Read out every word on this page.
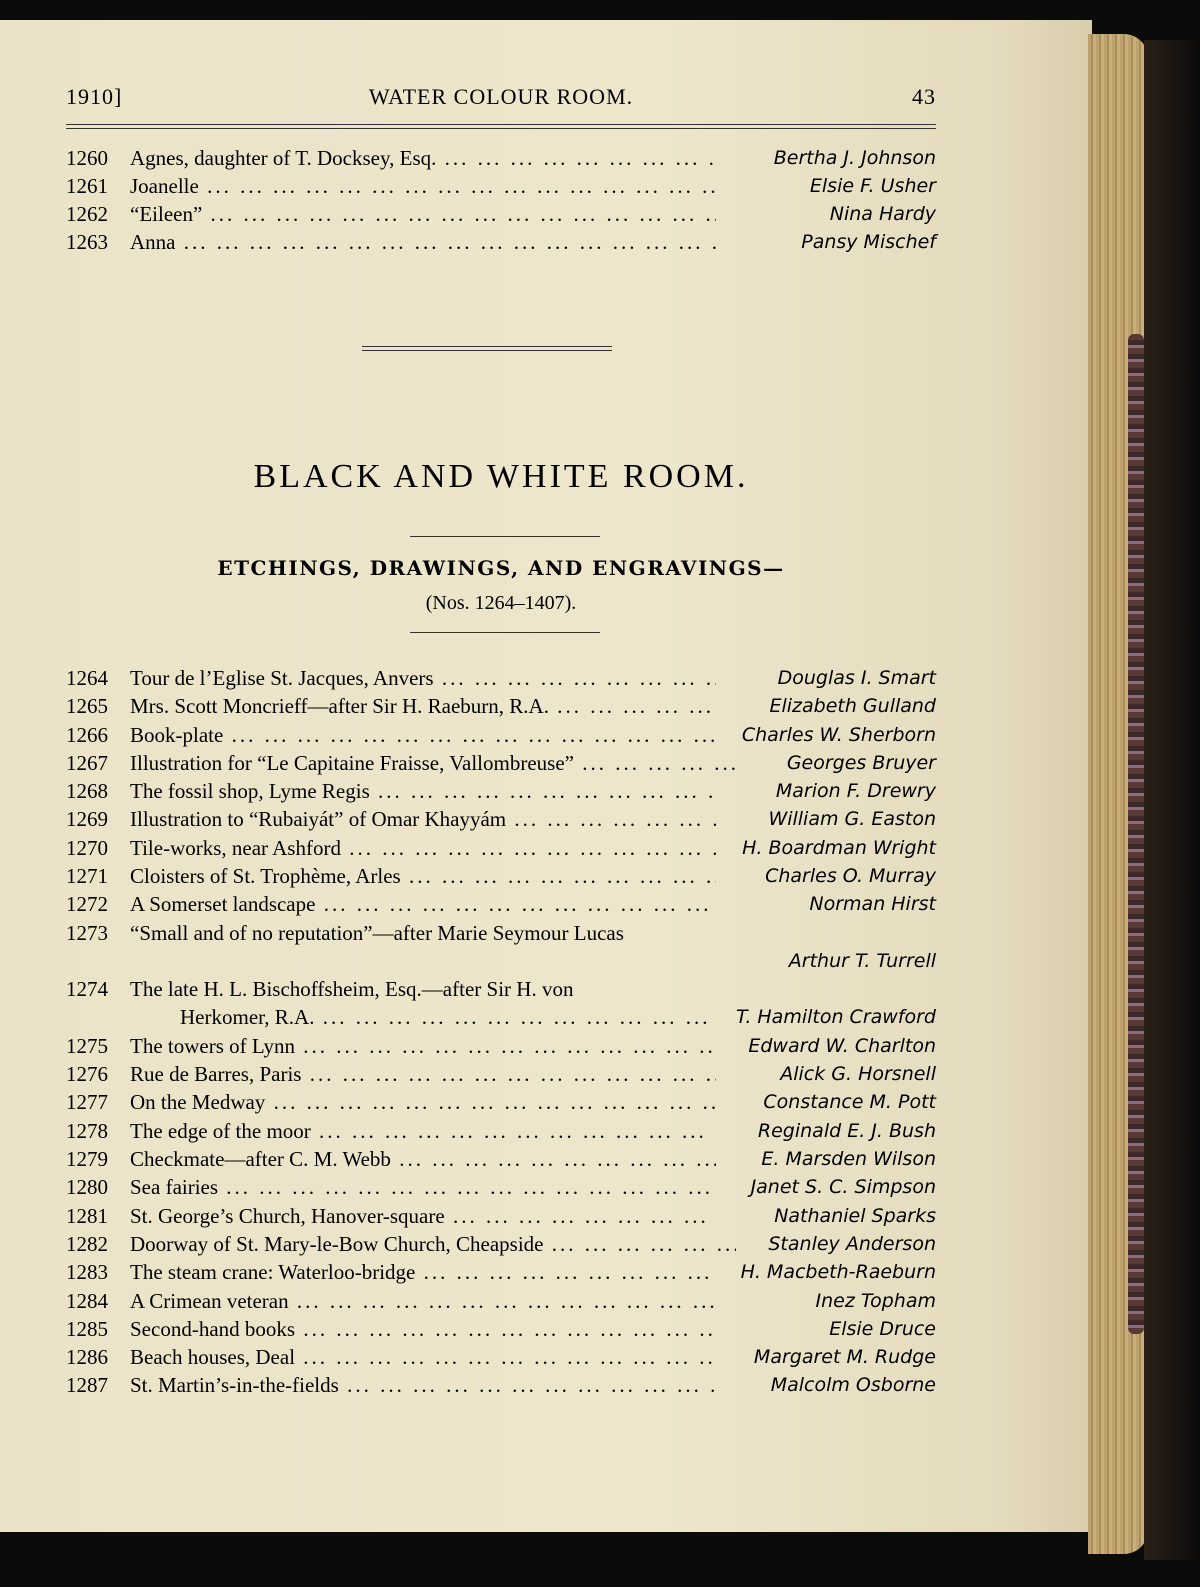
1910]	WATER COLOUR ROOM.	43
1260	Agnes, daughter of T. Docksey, Esq. ... .	Bertha J. Johnson
1261	Joanelle ... .	Elsie F. Usher
1262	“Eileen” ... .	Nina Hardy
1263	Anna ... .	Pansy Mischef
BLACK AND WHITE ROOM.
ETCHINGS, DRAWINGS, AND ENGRAVINGS—
(Nos. 1264–1407).
1264	Tour de l’Eglise St. Jacques, Anvers ... .	Douglas I. Smart
1265	Mrs. Scott Moncrieff—after Sir H. Raeburn, R.A. ... .	Elizabeth Gulland
1266	Book-plate ... .	Charles W. Sherborn
1267	Illustration for “Le Capitaine Fraisse, Vallombreuse” ... .	Georges Bruyer
1268	The fossil shop, Lyme Regis ... .	Marion F. Drewry
1269	Illustration to “Rubaiyát” of Omar Khayyám ... .	William G. Easton
1270	Tile-works, near Ashford ... .	H. Boardman Wright
1271	Cloisters of St. Trophème, Arles ... .	Charles O. Murray
1272	A Somerset landscape ... .	Norman Hirst
1273	“Small and of no reputation”—after Marie Seymour Lucas
Arthur T. Turrell
1274	The late H. L. Bischoffsheim, Esq.—after Sir H. von
Herkomer, R.A. ... .	T. Hamilton Crawford
1275	The towers of Lynn ... .	Edward W. Charlton
1276	Rue de Barres, Paris ... .	Alick G. Horsnell
1277	On the Medway ... .	Constance M. Pott
1278	The edge of the moor ... .	Reginald E. J. Bush
1279	Checkmate—after C. M. Webb ... .	E. Marsden Wilson
1280	Sea fairies ... .	Janet S. C. Simpson
1281	St. George’s Church, Hanover-square ... .	Nathaniel Sparks
1282	Doorway of St. Mary-le-Bow Church, Cheapside ... .	Stanley Anderson
1283	The steam crane: Waterloo-bridge ... .	H. Macbeth-Raeburn
1284	A Crimean veteran ... .	Inez Topham
1285	Second-hand books ... .	Elsie Druce
1286	Beach houses, Deal ... .	Margaret M. Rudge
1287	St. Martin’s-in-the-fields ... .	Malcolm Osborne
